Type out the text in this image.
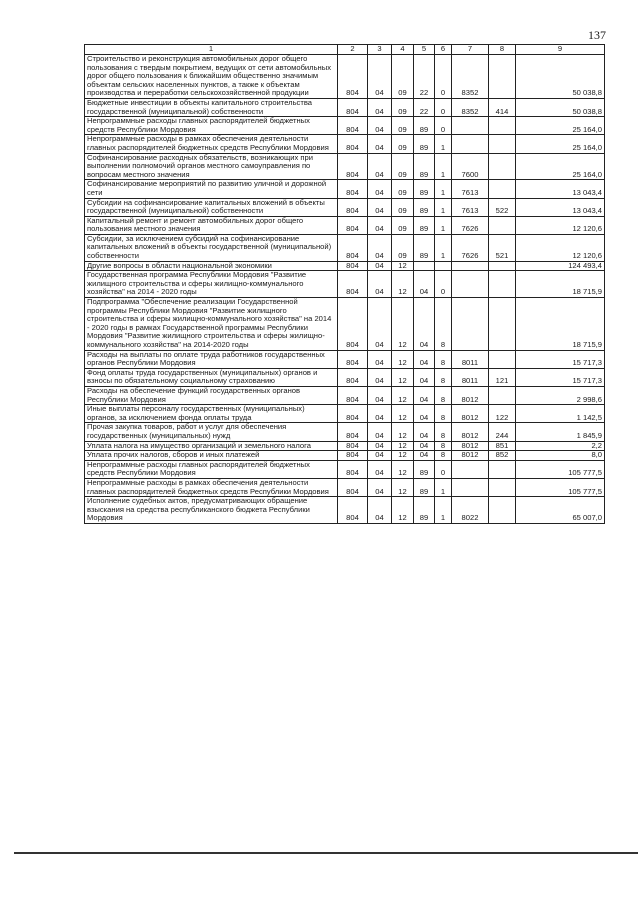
137
1	2	3	4	5	6	7	8	9
Строительство и реконструкция автомобильных дорог общего пользования с твердым покрытием, ведущих от сети автомобильных дорог общего пользования к ближайшим общественно значимым объектам сельских населенных пунктов, а также к объектам производства и переработки сельскохозяйственной продукции	804	04	09	22	0	8352		50 038,8
Бюджетные инвестиции в объекты капитального строительства государственной (муниципальной) собственности	804	04	09	22	0	8352	414	50 038,8
Непрограммные расходы главных распорядителей бюджетных средств Республики Мордовия	804	04	09	89	0			25 164,0
Непрограммные расходы в рамках обеспечения деятельности главных распорядителей бюджетных средств Республики Мордовия	804	04	09	89	1			25 164,0
Софинансирование расходных обязательств, возникающих при выполнении полномочий органов местного самоуправления по вопросам местного значения	804	04	09	89	1	7600		25 164,0
Софинансирование мероприятий по развитию уличной и дорожной сети	804	04	09	89	1	7613		13 043,4
Субсидии на софинансирование капитальных вложений в объекты государственной (муниципальной) собственности	804	04	09	89	1	7613	522	13 043,4
Капитальный ремонт и ремонт автомобильных дорог общего пользования местного значения	804	04	09	89	1	7626		12 120,6
Субсидии, за исключением субсидий на софинансирование капитальных вложений в объекты государственной (муниципальной) собственности	804	04	09	89	1	7626	521	12 120,6
Другие вопросы в области национальной экономики	804	04	12					124 493,4
Государственная программа Республики Мордовия "Развитие жилищного строительства и сферы жилищно-коммунального хозяйства" на 2014 - 2020 годы	804	04	12	04	0			18 715,9
Подпрограмма "Обеспечение реализации Государственной программы Республики Мордовия "Развитие жилищного строительства и сферы жилищно-коммунального хозяйства" на 2014 - 2020 годы в рамках Государственной программы Республики Мордовия "Развитие жилищного строительства и сферы жилищно-коммунального хозяйства" на 2014-2020 годы	804	04	12	04	8			18 715,9
Расходы на выплаты по оплате труда работников государственных органов Республики Мордовия	804	04	12	04	8	8011		15 717,3
Фонд оплаты труда государственных (муниципальных) органов и взносы по обязательному социальному страхованию	804	04	12	04	8	8011	121	15 717,3
Расходы на обеспечение функций государственных органов Республики Мордовия	804	04	12	04	8	8012		2 998,6
Иные выплаты персоналу государственных (муниципальных) органов, за исключением фонда оплаты труда	804	04	12	04	8	8012	122	1 142,5
Прочая закупка товаров, работ и услуг для обеспечения государственных (муниципальных) нужд	804	04	12	04	8	8012	244	1 845,9
Уплата налога на имущество организаций и земельного налога	804	04	12	04	8	8012	851	2,2
Уплата прочих налогов, сборов и иных платежей	804	04	12	04	8	8012	852	8,0
Непрограммные расходы главных распорядителей бюджетных средств Республики Мордовия	804	04	12	89	0			105 777,5
Непрограммные расходы в рамках обеспечения деятельности главных распорядителей бюджетных средств Республики Мордовия	804	04	12	89	1			105 777,5
Исполнение судебных актов, предусматривающих обращение взыскания на средства республиканского бюджета Республики Мордовия	804	04	12	89	1	8022		65 007,0
